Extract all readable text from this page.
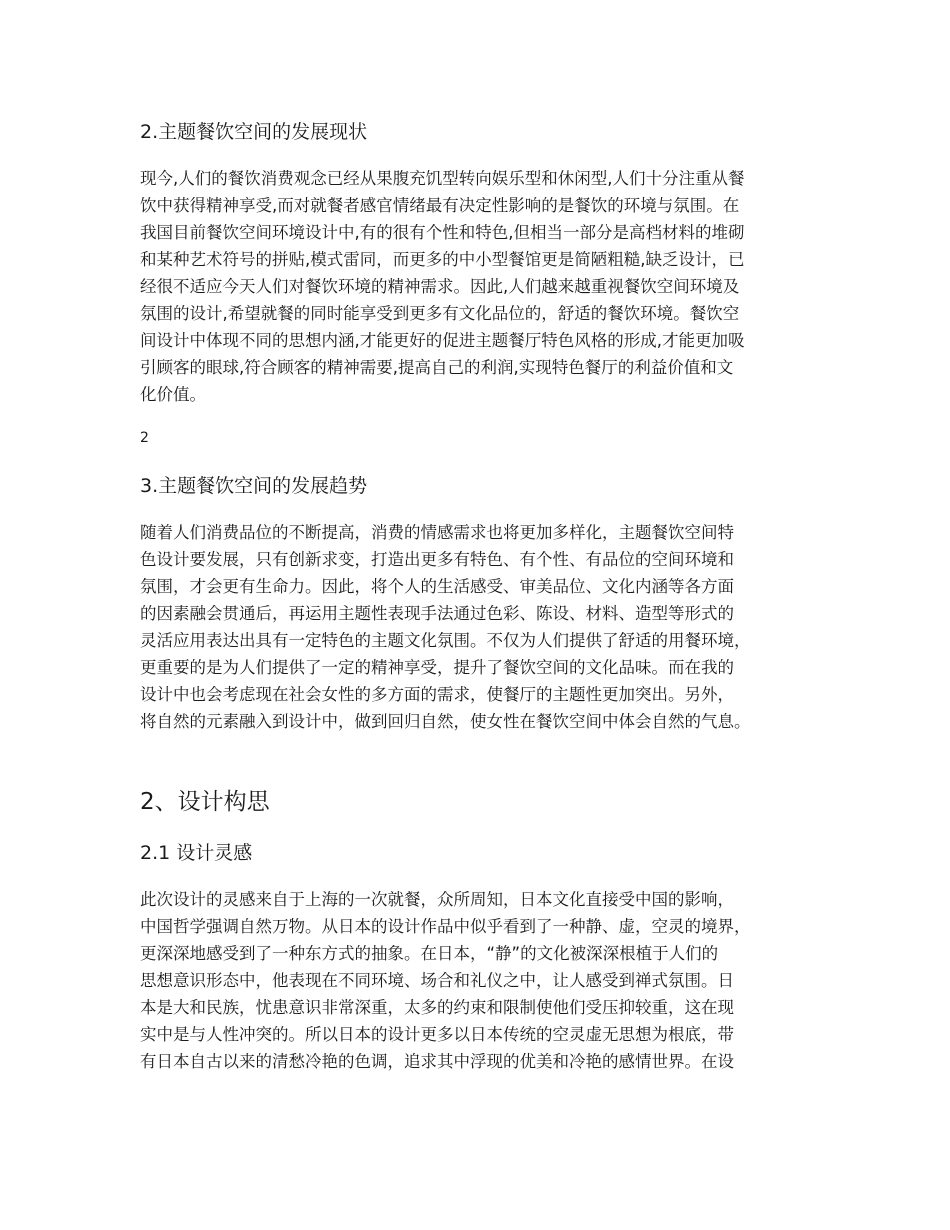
2.主题餐饮空间的发展现状
现今,人们的餐饮消费观念已经从果腹充饥型转向娱乐型和休闲型,人们十分注重从餐
饮中获得精神享受,而对就餐者感官情绪最有决定性影响的是餐饮的环境与氛围。在
我国目前餐饮空间环境设计中,有的很有个性和特色,但相当一部分是高档材料的堆砌
和某种艺术符号的拼贴,模式雷同，而更多的中小型餐馆更是简陋粗糙,缺乏设计，已
经很不适应今天人们对餐饮环境的精神需求。因此,人们越来越重视餐饮空间环境及
氛围的设计,希望就餐的同时能享受到更多有文化品位的，舒适的餐饮环境。餐饮空
间设计中体现不同的思想内涵,才能更好的促进主题餐厅特色风格的形成,才能更加吸
引顾客的眼球,符合顾客的精神需要,提高自己的利润,实现特色餐厅的利益价值和文
化价值。
2
3.主题餐饮空间的发展趋势
随着人们消费品位的不断提高，消费的情感需求也将更加多样化，主题餐饮空间特
色设计要发展，只有创新求变，打造出更多有特色、有个性、有品位的空间环境和
氛围，才会更有生命力。因此，将个人的生活感受、审美品位、文化内涵等各方面
的因素融会贯通后，再运用主题性表现手法通过色彩、陈设、材料、造型等形式的
灵活应用表达出具有一定特色的主题文化氛围。不仅为人们提供了舒适的用餐环境，
更重要的是为人们提供了一定的精神享受，提升了餐饮空间的文化品味。而在我的
设计中也会考虑现在社会女性的多方面的需求，使餐厅的主题性更加突出。另外，
将自然的元素融入到设计中，做到回归自然，使女性在餐饮空间中体会自然的气息。
2、设计构思
2.1 设计灵感
此次设计的灵感来自于上海的一次就餐，众所周知，日本文化直接受中国的影响，
中国哲学强调自然万物。从日本的设计作品中似乎看到了一种静、虚，空灵的境界，
更深深地感受到了一种东方式的抽象。在日本，“静”的文化被深深根植于人们的
思想意识形态中，他表现在不同环境、场合和礼仪之中，让人感受到禅式氛围。日
本是大和民族，忧患意识非常深重，太多的约束和限制使他们受压抑较重，这在现
实中是与人性冲突的。所以日本的设计更多以日本传统的空灵虚无思想为根底，带
有日本自古以来的清愁冷艳的色调，追求其中浮现的优美和冷艳的感情世界。在设
